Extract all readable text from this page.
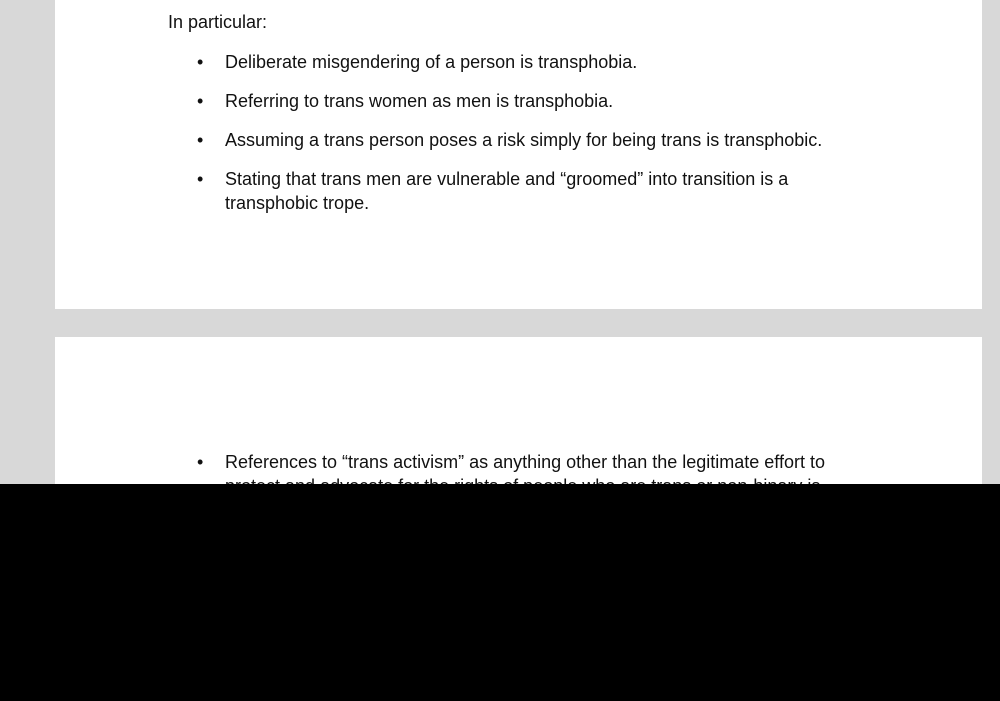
In particular:
• Deliberate misgendering of a person is transphobia.
• Referring to trans women as men is transphobia.
• Assuming a trans person poses a risk simply for being trans is transphobic.
• Stating that trans men are vulnerable and “groomed” into transition is a transphobic trope.
• References to “trans activism” as anything other than the legitimate effort to
